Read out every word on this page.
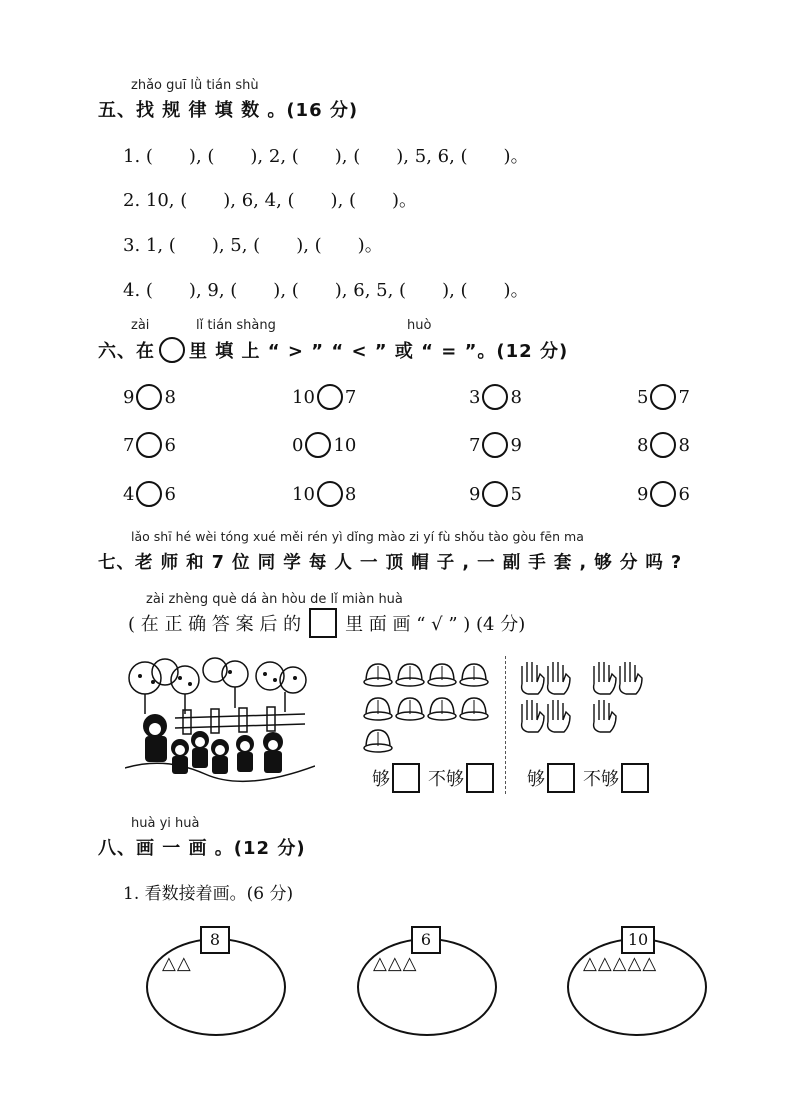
zhǎo guī lǜ tián shù
五、找 规 律 填 数 。(16 分)
1. (　　), (　　), 2, (　　), (　　), 5, 6, (　　)。
2. 10, (　　), 6, 4, (　　), (　　)。
3. 1, (　　), 5, (　　), (　　)。
4. (　　), 9, (　　), (　　), 6, 5, (　　), (　　)。
zài	lǐ tián shàng	huò
六、在 里 填 上 “ > ” “ < ” 或 “ = ”。(12 分)
9 8	10 7	3 8	5 7
7 6	0 10	7 9	8 8
4 6	10 8	9 5	9 6
lǎo shī hé wèi tóng xué měi rén yì dǐng mào zi yí fù shǒu tào gòu fēn ma
七、老 师 和 7 位 同 学 每 人 一 顶 帽 子 , 一 副 手 套 , 够 分 吗 ?
zài zhèng què dá àn hòu de lǐ miàn huà
( 在 正 确 答 案 后 的 里 面 画 “ √ ” ) (4 分)
够 不够	够 不够
huà yi huà
八、画 一 画 。(12 分)
1. 看数接着画。(6 分)
8
△△
6
△△△
10
△△△△△
